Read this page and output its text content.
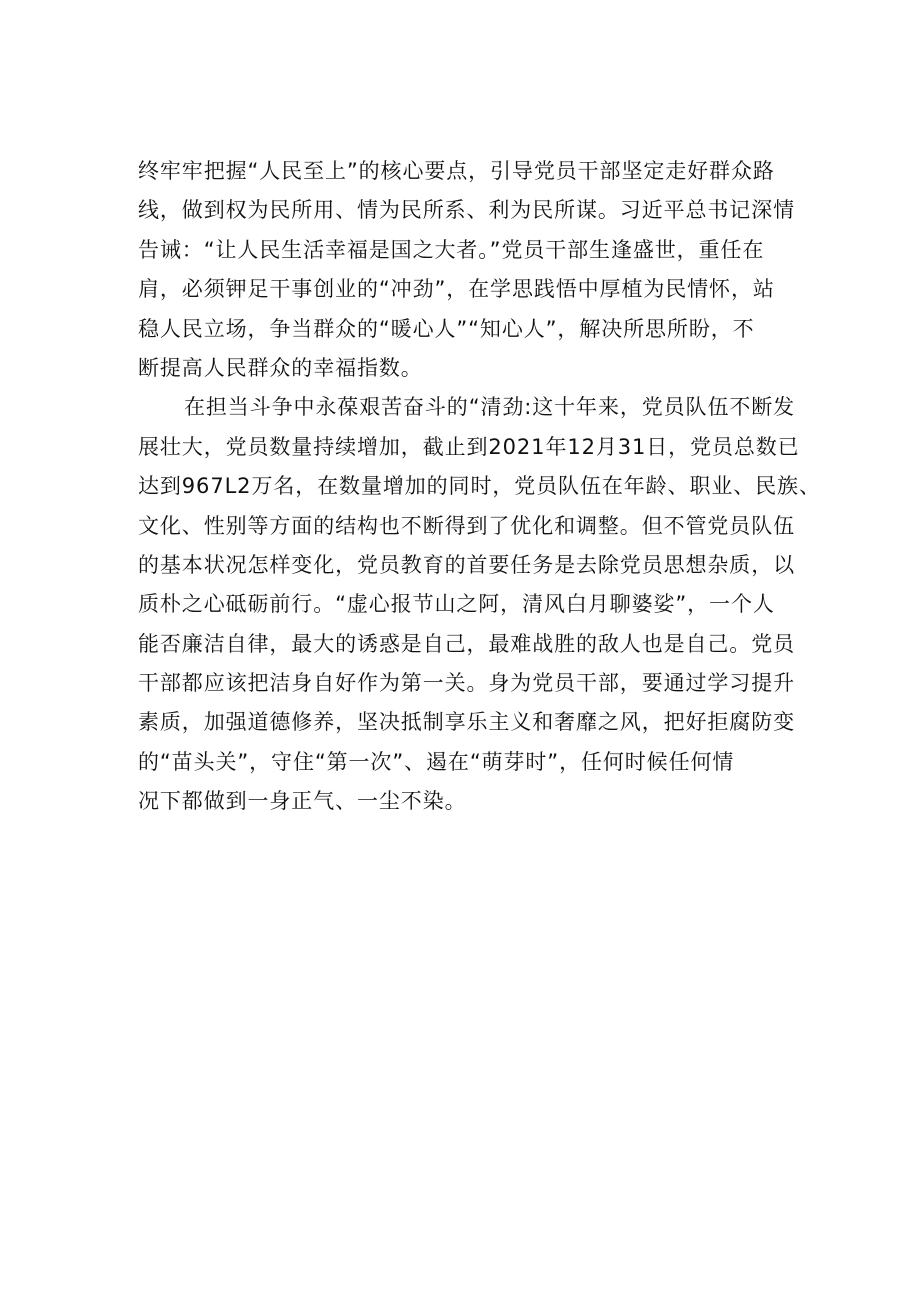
终牢牢把握“人民至上”的核心要点，引导党员干部坚定走好群众路
线，做到权为民所用、情为民所系、利为民所谋。习近平总书记深情
告诫：“让人民生活幸福是国之大者。”党员干部生逢盛世，重任在
肩，必须钾足干事创业的“冲劲”，在学思践悟中厚植为民情怀，站
稳人民立场，争当群众的“暖心人”“知心人”，解决所思所盼，不
断提高人民群众的幸福指数。
在担当斗争中永葆艰苦奋斗的“清劲:这十年来，党员队伍不断发
展壮大，党员数量持续增加，截止到2021年12月31日，党员总数已
达到967L2万名，在数量增加的同时，党员队伍在年龄、职业、民族、
文化、性别等方面的结构也不断得到了优化和调整。但不管党员队伍
的基本状况怎样变化，党员教育的首要任务是去除党员思想杂质，以
质朴之心砥砺前行。“虚心报节山之阿，清风白月聊婆娑”，一个人
能否廉洁自律，最大的诱惑是自己，最难战胜的敌人也是自己。党员
干部都应该把洁身自好作为第一关。身为党员干部，要通过学习提升
素质，加强道德修养，坚决抵制享乐主义和奢靡之风，把好拒腐防变
的“苗头关”，守住“第一次”、遏在“萌芽时”，任何时候任何情
况下都做到一身正气、一尘不染。
